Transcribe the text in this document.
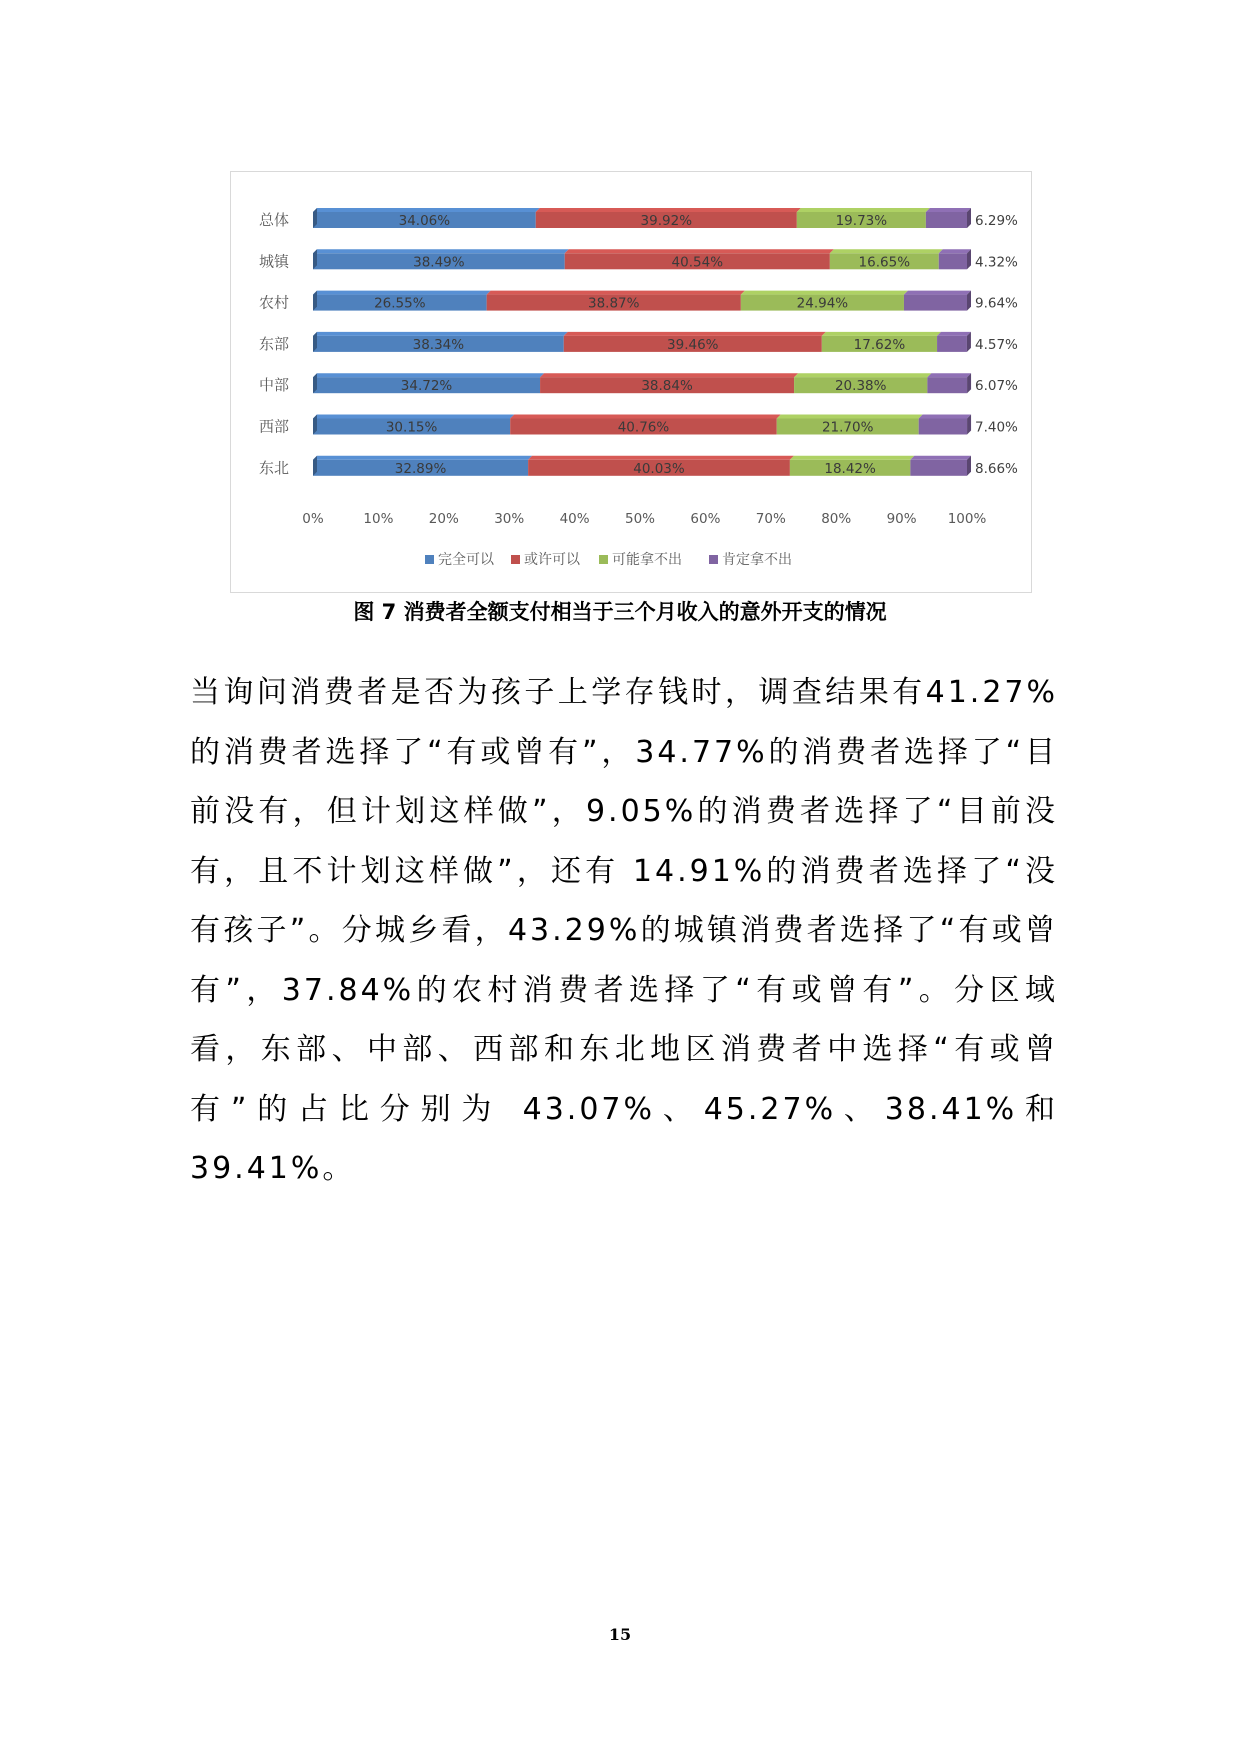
总体	34.06%	39.92%	19.73%	6.29%
城镇	38.49%	40.54%	16.65%	4.32%
农村	26.55%	38.87%	24.94%	9.64%
东部	38.34%	39.46%	17.62%	4.57%
中部	34.72%	38.84%	20.38%	6.07%
西部	30.15%	40.76%	21.70%	7.40%
东北	32.89%	40.03%	18.42%	8.66%
0%	10%	20%	30%	40%	50%	60%	70%	80%	90% 100%
完全可以 或许可以 可能拿不出	肯定拿不出
图 7 消费者全额支付相当于三个月收入的意外开支的情况

当询问消费者是否为孩子上学存钱时，调查结果有41.27%的消费者选择了“有或曾有”，34.77%的消费者选择了“目前没有，但计划这样做”，9.05%的消费者选择了“目前没有，且不计划这样做”，还有 14.91%的消费者选择了“没有孩子”。分城乡看，43.29%的城镇消费者选择了“有或曾有”，37.84%的农村消费者选择了“有或曾有”。分区域看，东部、中部、西部和东北地区消费者中选择“有或曾有”的占比分别为 43.07%、45.27%、38.41%和 39.41%。

15
